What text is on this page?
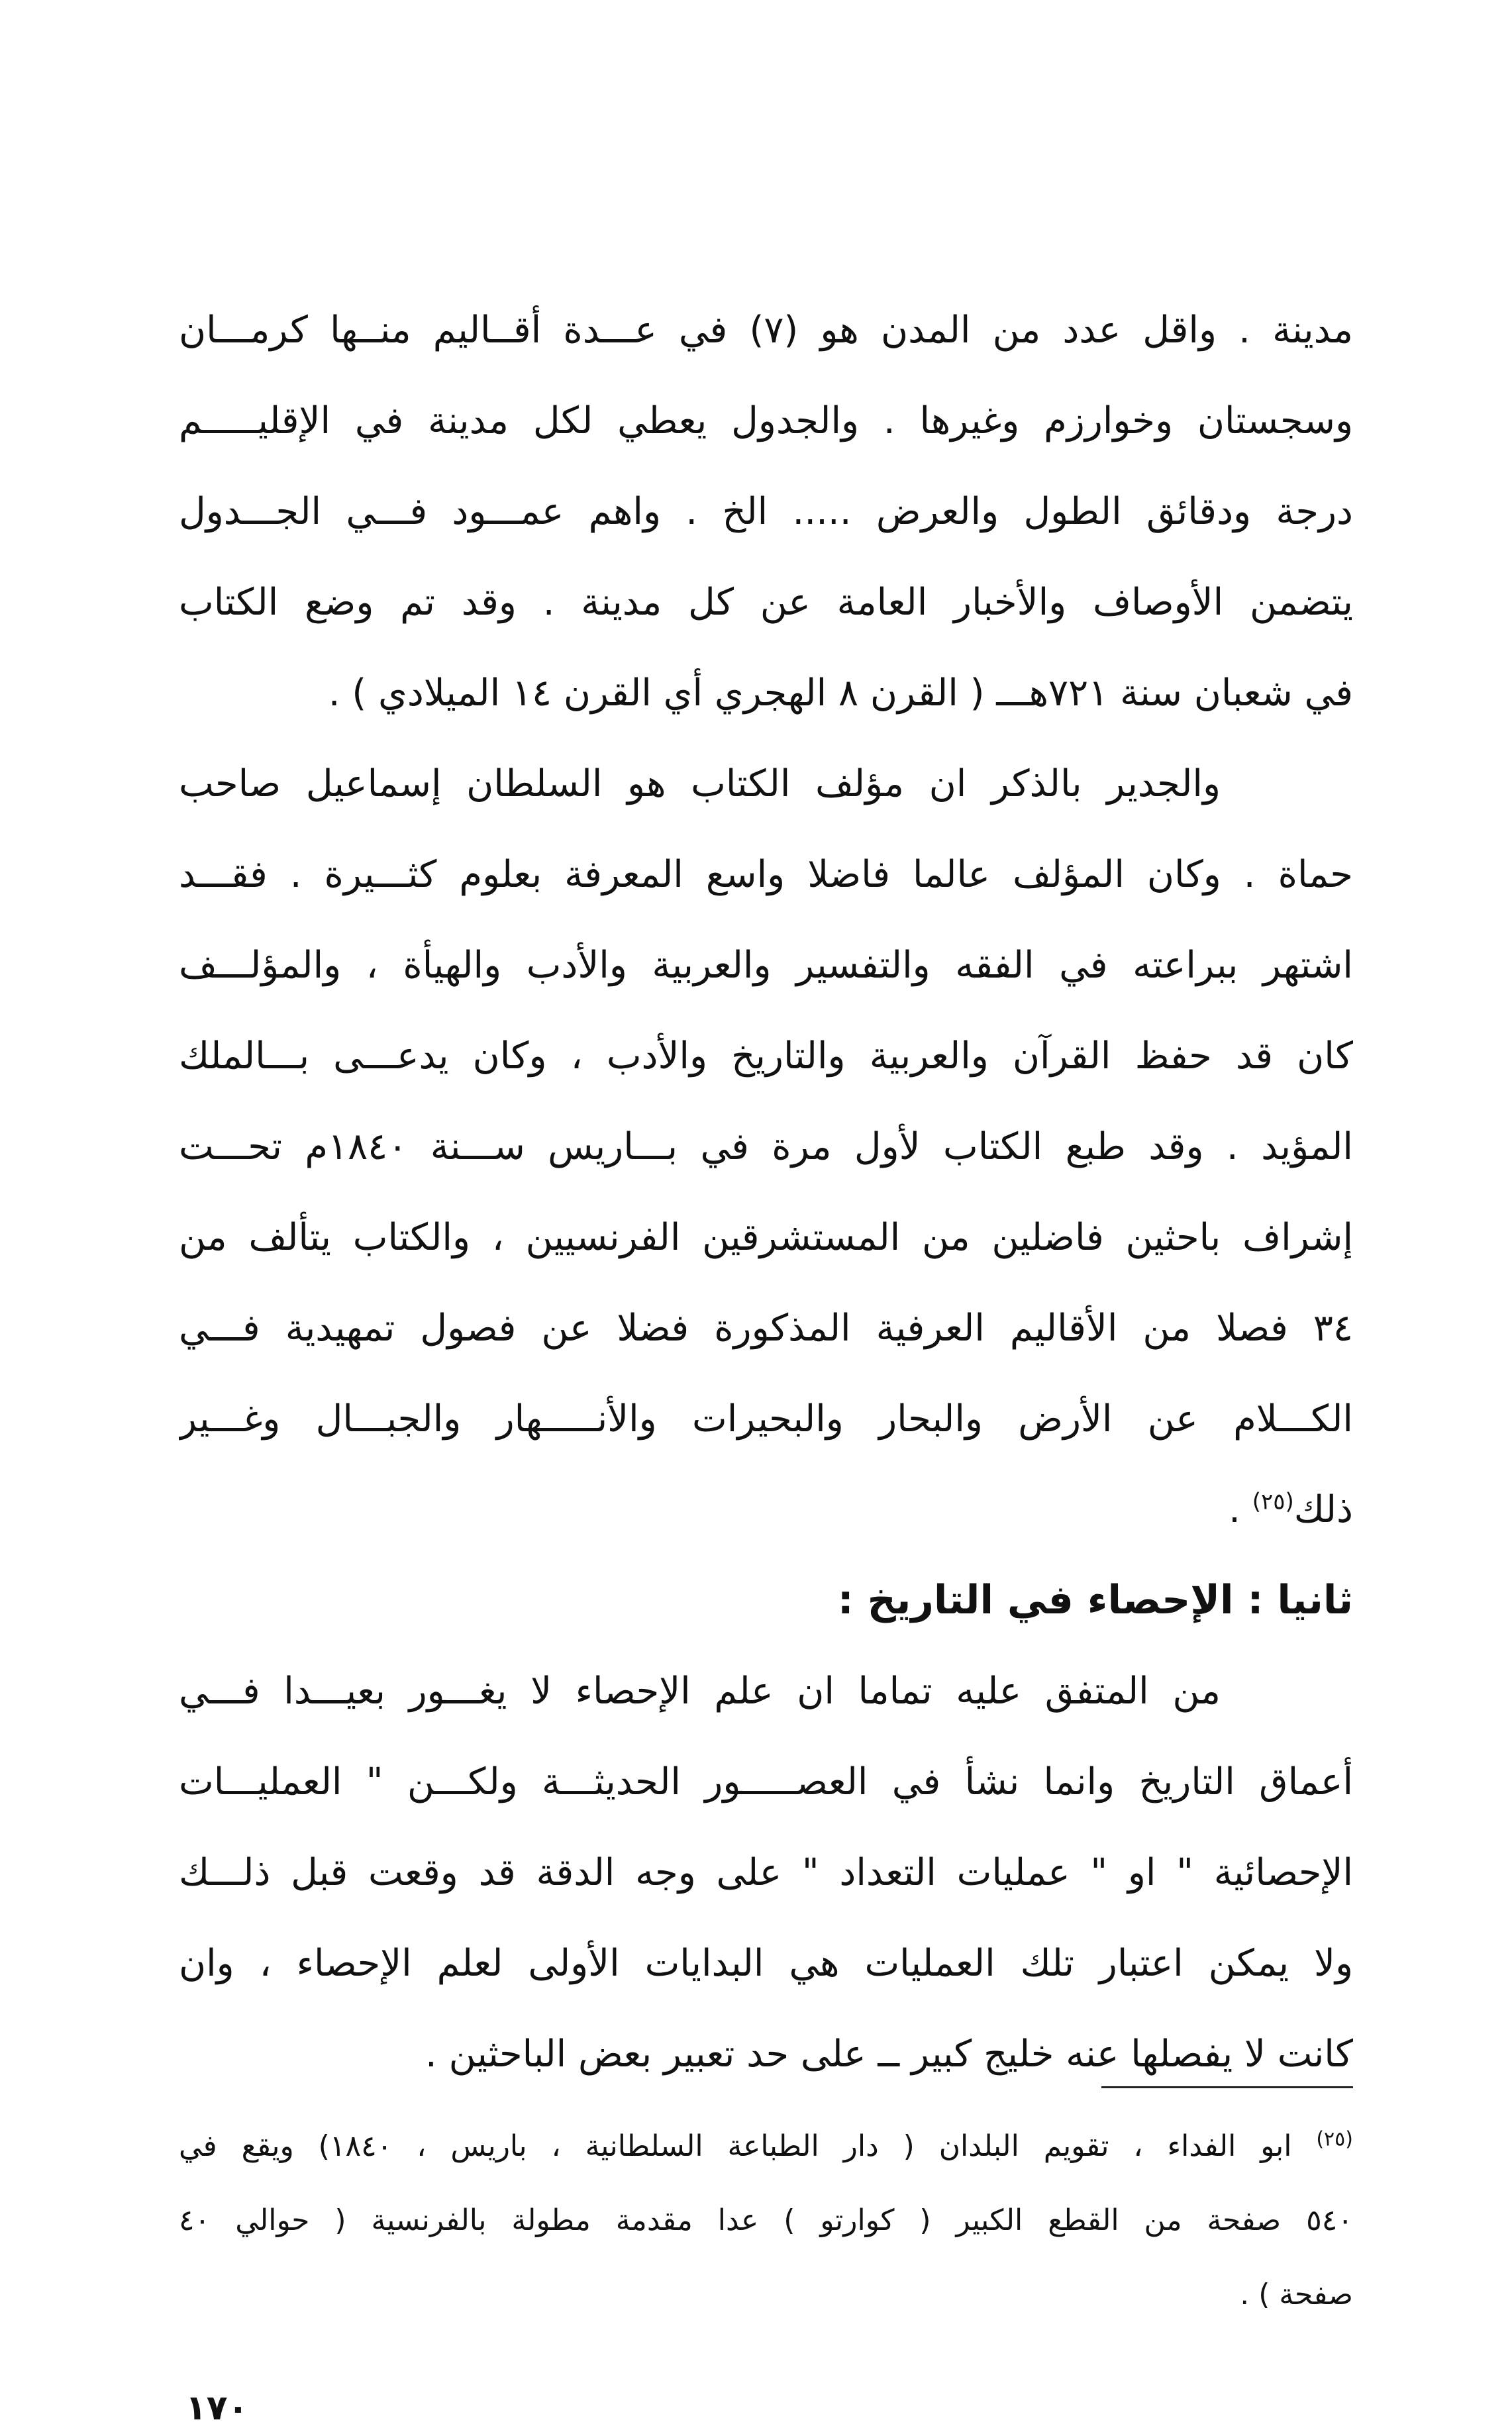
مدينة . واقل عدد من المدن هو (٧) في عـــدة أقــاليم منــها كرمـــان
وسجستان وخوارزم وغيرها . والجدول يعطي لكل مدينة في الإقليـــــم
درجة ودقائق الطول والعرض ..... الخ . واهم عمـــود فـــي الجـــدول
يتضمن الأوصاف والأخبار العامة عن كل مدينة . وقد تم وضع الكتاب
في شعبان سنة ٧٢١هـــ ( القرن ٨ الهجري أي القرن ١٤ الميلادي ) .
والجدير بالذكر ان مؤلف الكتاب هو السلطان إسماعيل صاحب
حماة . وكان المؤلف عالما فاضلا واسع المعرفة بعلوم كثـــيرة . فقـــد
اشتهر ببراعته في الفقه والتفسير والعربية والأدب والهيأة ، والمؤلـــف
كان قد حفظ القرآن والعربية والتاريخ والأدب ، وكان يدعـــى بـــالملك
المؤيد . وقد طبع الكتاب لأول مرة في بـــاريس ســـنة ١٨٤٠م تحـــت
إشراف باحثين فاضلين من المستشرقين الفرنسيين ، والكتاب يتألف من
٣٤ فصلا من الأقاليم العرفية المذكورة فضلا عن فصول تمهيدية فـــي
الكـــلام عن الأرض والبحار والبحيرات والأنـــــهار والجبـــال وغـــير
ذلك$^{(٢٥)}$ .
ثانيا : الإحصاء في التاريخ :
من المتفق عليه تماما ان علم الإحصاء لا يغـــور بعيـــدا فـــي
أعماق التاريخ وانما نشأ في العصـــــور الحديثـــة ولكـــن " العمليـــات
الإحصائية " او " عمليات التعداد " على وجه الدقة قد وقعت قبل ذلـــك
ولا يمكن اعتبار تلك العمليات هي البدايات الأولى لعلم الإحصاء ، وان
كانت لا يفصلها عنه خليج كبير ــ على حد تعبير بعض الباحثين .
$^{(٢٥)}$ ابو الفداء ، تقويم البلدان ( دار الطباعة السلطانية ، باريس ، ١٨٤٠) ويقع في
٥٤٠ صفحة من القطع الكبير ( كوارتو ) عدا مقدمة مطولة بالفرنسية ( حوالي ٤٠
صفحة ) .
١٧٠
